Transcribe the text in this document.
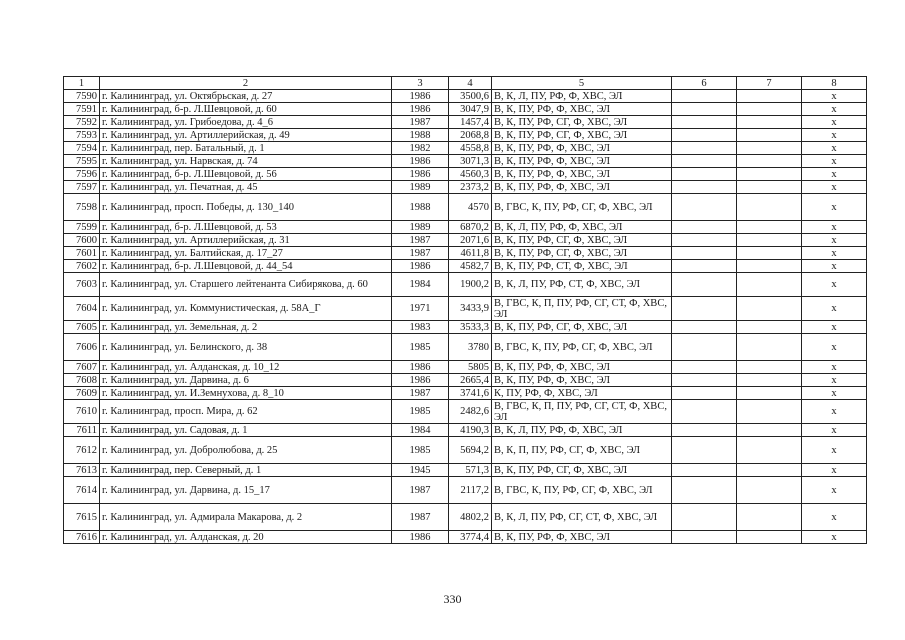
1	2	3	4	5	6	7	8
7590	г. Калининград, ул. Октябрьская, д. 27	1986	3500,6	В, К, Л, ПУ, РФ, Ф, ХВС, ЭЛ			x
7591	г. Калининград, б-р. Л.Шевцовой, д. 60	1986	3047,9	В, К, ПУ, РФ, Ф, ХВС, ЭЛ			x
7592	г. Калининград, ул. Грибоедова, д. 4_6	1987	1457,4	В, К, ПУ, РФ, СГ, Ф, ХВС, ЭЛ			x
7593	г. Калининград, ул. Артиллерийская, д. 49	1988	2068,8	В, К, ПУ, РФ, СГ, Ф, ХВС, ЭЛ			x
7594	г. Калининград, пер. Батальный, д. 1	1982	4558,8	В, К, ПУ, РФ, Ф, ХВС, ЭЛ			x
7595	г. Калининград, ул. Нарвская, д. 74	1986	3071,3	В, К, ПУ, РФ, Ф, ХВС, ЭЛ			x
7596	г. Калининград, б-р. Л.Шевцовой, д. 56	1986	4560,3	В, К, ПУ, РФ, Ф, ХВС, ЭЛ			x
7597	г. Калининград, ул. Печатная, д. 45	1989	2373,2	В, К, ПУ, РФ, Ф, ХВС, ЭЛ			x
7598	г. Калининград, просп. Победы, д. 130_140	1988	4570	В, ГВС, К, ПУ, РФ, СГ, Ф, ХВС, ЭЛ			x
7599	г. Калининград, б-р. Л.Шевцовой, д. 53	1989	6870,2	В, К, Л, ПУ, РФ, Ф, ХВС, ЭЛ			x
7600	г. Калининград, ул. Артиллерийская, д. 31	1987	2071,6	В, К, ПУ, РФ, СГ, Ф, ХВС, ЭЛ			x
7601	г. Калининград, ул. Балтийская, д. 17_27	1987	4611,8	В, К, ПУ, РФ, СГ, Ф, ХВС, ЭЛ			x
7602	г. Калининград, б-р. Л.Шевцовой, д. 44_54	1986	4582,7	В, К, ПУ, РФ, СТ, Ф, ХВС, ЭЛ			x
7603	г. Калининград, ул. Старшего лейтенанта Сибирякова, д. 60	1984	1900,2	В, К, Л, ПУ, РФ, СТ, Ф, ХВС, ЭЛ			x
7604	г. Калининград, ул. Коммунистическая, д. 58А_Г	1971	3433,9	В, ГВС, К, П, ПУ, РФ, СГ, СТ, Ф, ХВС, ЭЛ			x
7605	г. Калининград, ул. Земельная, д. 2	1983	3533,3	В, К, ПУ, РФ, СГ, Ф, ХВС, ЭЛ			x
7606	г. Калининград, ул. Белинского, д. 38	1985	3780	В, ГВС, К, ПУ, РФ, СГ, Ф, ХВС, ЭЛ			x
7607	г. Калининград, ул. Алданская, д. 10_12	1986	5805	В, К, ПУ, РФ, Ф, ХВС, ЭЛ			x
7608	г. Калининград, ул. Дарвина, д. 6	1986	2665,4	В, К, ПУ, РФ, Ф, ХВС, ЭЛ			x
7609	г. Калининград, ул. И.Земнухова, д. 8_10	1987	3741,6	К, ПУ, РФ, Ф, ХВС, ЭЛ			x
7610	г. Калининград, просп. Мира, д. 62	1985	2482,6	В, ГВС, К, П, ПУ, РФ, СГ, СТ, Ф, ХВС, ЭЛ			x
7611	г. Калининград, ул. Садовая, д. 1	1984	4190,3	В, К, Л, ПУ, РФ, Ф, ХВС, ЭЛ			x
7612	г. Калининград, ул. Добролюбова, д. 25	1985	5694,2	В, К, П, ПУ, РФ, СГ, Ф, ХВС, ЭЛ			x
7613	г. Калининград, пер. Северный, д. 1	1945	571,3	В, К, ПУ, РФ, СГ, Ф, ХВС, ЭЛ			x
7614	г. Калининград, ул. Дарвина, д. 15_17	1987	2117,2	В, ГВС, К, ПУ, РФ, СГ, Ф, ХВС, ЭЛ			x
7615	г. Калининград, ул. Адмирала Макарова, д. 2	1987	4802,2	В, К, Л, ПУ, РФ, СГ, СТ, Ф, ХВС, ЭЛ			x
7616	г. Калининград, ул. Алданская, д. 20	1986	3774,4	В, К, ПУ, РФ, Ф, ХВС, ЭЛ			x
330
